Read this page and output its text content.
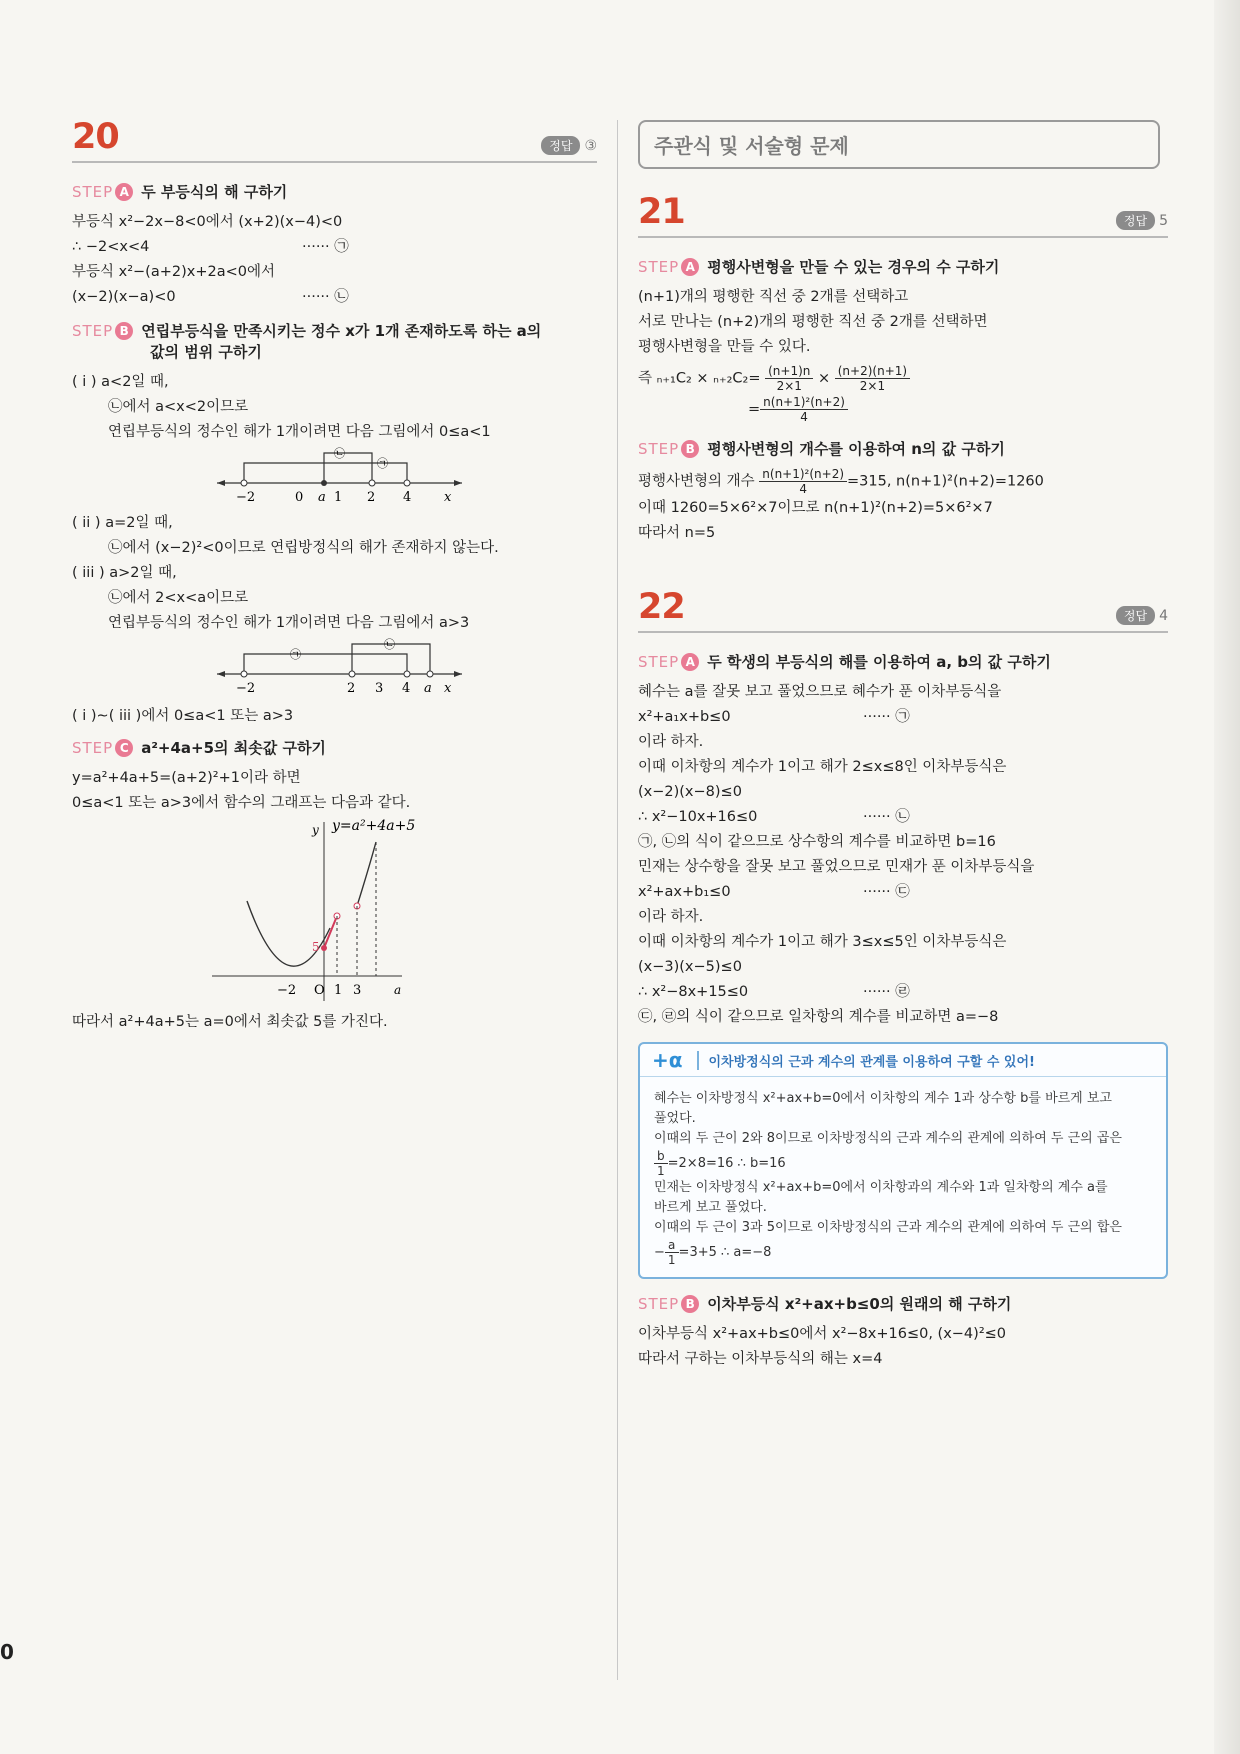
20	정답 ③
STEP A 두 부등식의 해 구하기
부등식 x²−2x−8<0에서 (x+2)(x−4)<0
∴ −2<x<4	······ ㉠
부등식 x²−(a+2)x+2a<0에서
(x−2)(x−a)<0	······ ㉡
STEP B 연립부등식을 만족시키는 정수 x가 1개 존재하도록 하는 a의
값의 범위 구하기
( i ) a<2일 때,
㉡에서 a<x<2이므로
연립부등식의 정수인 해가 1개이려면 다음 그림에서 0≤a<1
㉡
㉠
−2	0 a 1 2 4	x
( ii ) a=2일 때,
㉡에서 (x−2)²<0이므로 연립방정식의 해가 존재하지 않는다.
( iii ) a>2일 때,
㉡에서 2<x<a이므로
연립부등식의 정수인 해가 1개이려면 다음 그림에서 a>3
㉠
㉡
−2	2 3 4 a x
( i )∼( iii )에서 0≤a<1 또는 a>3
STEP C a²+4a+5의 최솟값 구하기
y=a²+4a+5=(a+2)²+1이라 하면
0≤a<1 또는 a>3에서 함수의 그래프는 다음과 같다.
y=a²+4a+5
y
a
5
−2 O 1 3
따라서 a²+4a+5는 a=0에서 최솟값 5를 가진다.
주관식 및 서술형 문제
21	정답 5
STEP A 평행사변형을 만들 수 있는 경우의 수 구하기
(n+1)개의 평행한 직선 중 2개를 선택하고
서로 만나는 (n+2)개의 평행한 직선 중 2개를 선택하면
평행사변형을 만들 수 있다.
즉 $_{n+1}C_2 \times _{n+2}C_2= \frac{(n+1)n}{2\times 1} \times \frac{(n+2)(n+1)}{2\times 1}$
= $\frac{\text{n(n+1)²(n+2)}}{4}$
STEP B 평행사변형의 개수를 이용하여 n의 값 구하기
평행사변형의 개수 $\frac{\text{n(n+1)²(n+2)}}{4} =315$, n(n+1)²(n+2)=1260
이때 1260=5×6²×7이므로 n(n+1)²(n+2)=5×6²×7
따라서 n=5
22	정답 4
STEP A 두 학생의 부등식의 해를 이용하여 a, b의 값 구하기
혜수는 a를 잘못 보고 풀었으므로 혜수가 푼 이차부등식을
x²+a₁x+b≤0	······ ㉠
이라 하자.
이때 이차항의 계수가 1이고 해가 2≤x≤8인 이차부등식은
(x−2)(x−8)≤0
∴ x²−10x+16≤0	······ ㉡
㉠, ㉡의 식이 같으므로 상수항의 계수를 비교하면 b=16
민재는 상수항을 잘못 보고 풀었으므로 민재가 푼 이차부등식을
x²+ax+b₁≤0	······ ㉢
이라 하자.
이때 이차항의 계수가 1이고 해가 3≤x≤5인 이차부등식은
(x−3)(x−5)≤0
∴ x²−8x+15≤0	······ ㉣
㉢, ㉣의 식이 같으므로 일차항의 계수를 비교하면 a=−8
+α	이차방정식의 근과 계수의 관계를 이용하여 구할 수 있어!
혜수는 이차방정식 x²+ax+b=0에서 이차항의 계수 1과 상수항 b를 바르게 보고
풀었다.
이때의 두 근이 2와 8이므로 이차방정식의 근과 계수의 관계에 의하여 두 근의 곱은
$\frac{b}{1} =2\times 8=16$ ∴ b=16
민재는 이차방정식 x²+ax+b=0에서 이차항과의 계수와 1과 일차항의 계수 a를
바르게 보고 풀었다.
이때의 두 근이 3과 5이므로 이차방정식의 근과 계수의 관계에 의하여 두 근의 합은
− $\frac{a}{1} =3+5$ ∴ a=−8
STEP B 이차부등식 x²+ax+b≤0의 원래의 해 구하기
이차부등식 x²+ax+b≤0에서 x²−8x+16≤0, (x−4)²≤0
따라서 구하는 이차부등식의 해는 x=4
0
